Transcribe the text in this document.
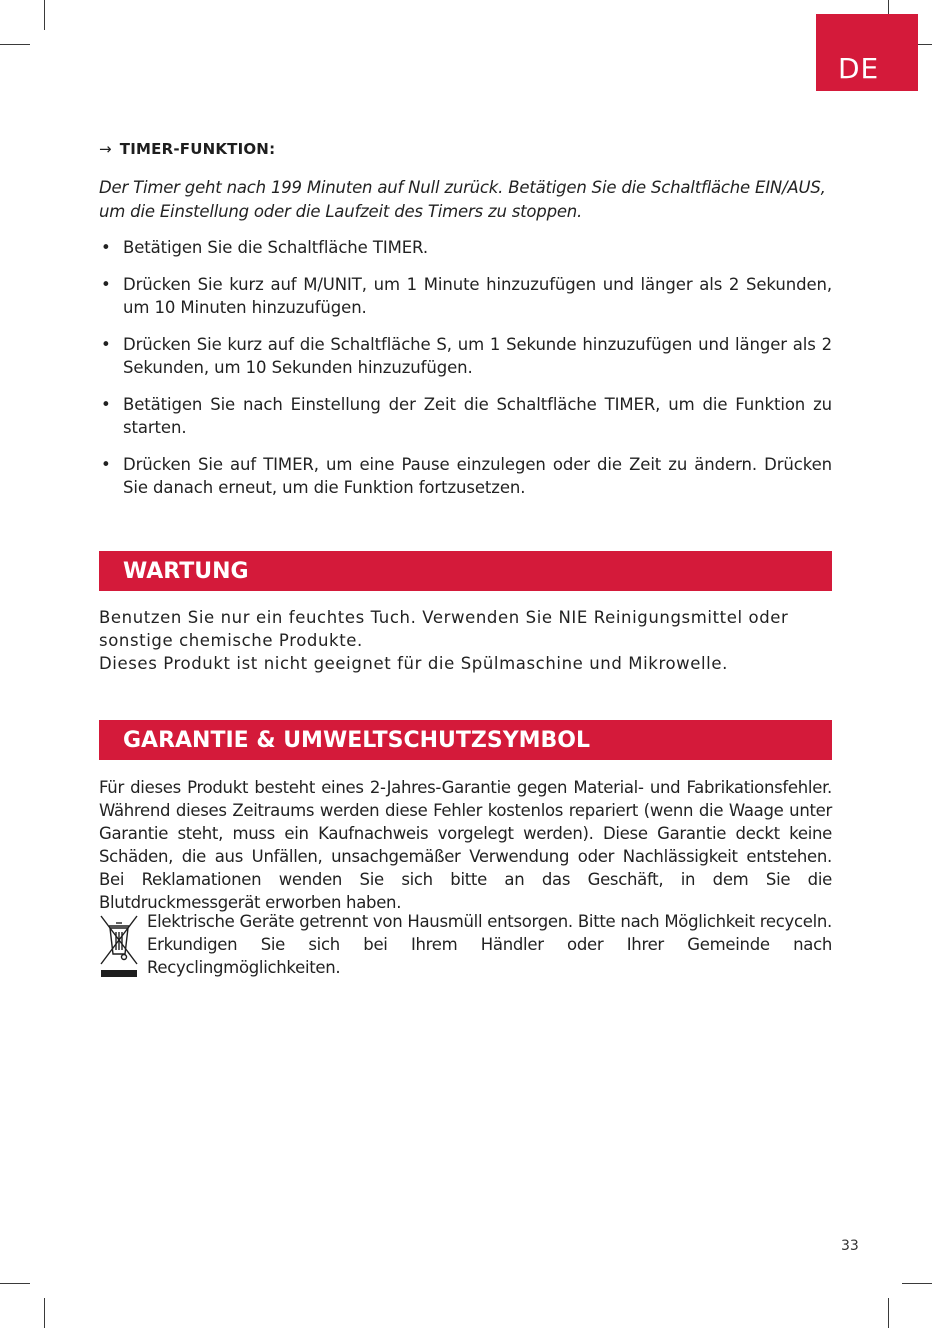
DE
→ TIMER-FUNKTION:
Der Timer geht nach 199 Minuten auf Null zurück. Betätigen Sie die Schaltfläche EIN/AUS, um die Einstellung oder die Laufzeit des Timers zu stoppen.
• Betätigen Sie die Schaltfläche TIMER.
• Drücken Sie kurz auf M/UNIT, um 1 Minute hinzuzufügen und länger als 2 Sekunden, um 10 Minuten hinzuzufügen.
• Drücken Sie kurz auf die Schaltfläche S, um 1 Sekunde hinzuzufügen und länger als 2 Sekunden, um 10 Sekunden hinzuzufügen.
• Betätigen Sie nach Einstellung der Zeit die Schaltfläche TIMER, um die Funktion zu starten.
• Drücken Sie auf TIMER, um eine Pause einzulegen oder die Zeit zu ändern. Drücken Sie danach erneut, um die Funktion fortzusetzen.
WARTUNG
Benutzen Sie nur ein feuchtes Tuch. Verwenden Sie NIE Reinigungsmittel oder sonstige chemische Produkte.
Dieses Produkt ist nicht geeignet für die Spülmaschine und Mikrowelle.
GARANTIE & UMWELTSCHUTZSYMBOL
Für dieses Produkt besteht eines 2-Jahres-Garantie gegen Material- und Fabrikationsfehler. Während dieses Zeitraums werden diese Fehler kostenlos repariert (wenn die Waage unter Garantie steht, muss ein Kaufnachweis vorgelegt werden). Diese Garantie deckt keine Schäden, die aus Unfällen, unsachgemäßer Verwendung oder Nachlässigkeit entstehen. Bei Reklamationen wenden Sie sich bitte an das Geschäft, in dem Sie die Blutdruckmessgerät erworben haben.
Elektrische Geräte getrennt von Hausmüll entsorgen. Bitte nach Möglichkeit recyceln. Erkundigen Sie sich bei Ihrem Händler oder Ihrer Gemeinde nach Recyclingmöglichkeiten.
33
